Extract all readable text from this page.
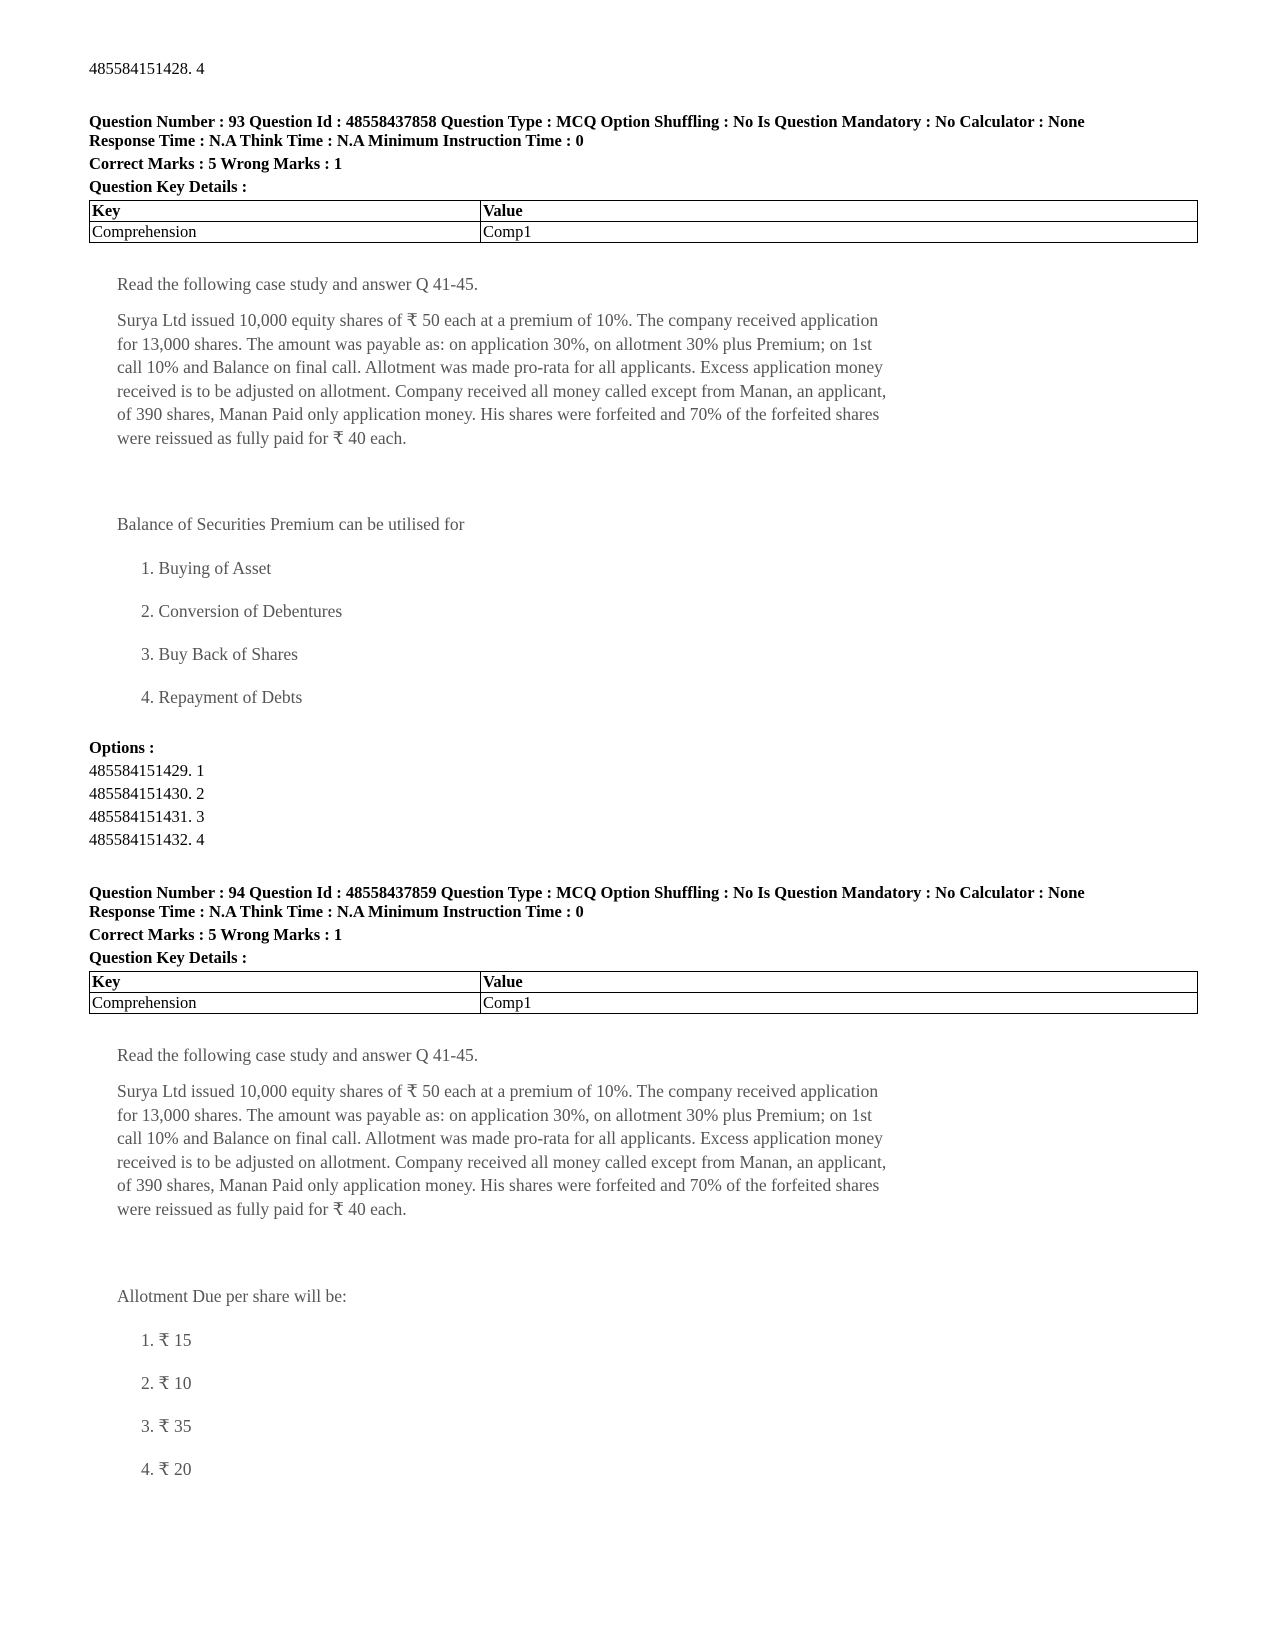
485584151428. 4
Question Number : 93 Question Id : 48558437858 Question Type : MCQ Option Shuffling : No Is Question Mandatory : No Calculator : None
Response Time : N.A Think Time : N.A Minimum Instruction Time : 0
Correct Marks : 5 Wrong Marks : 1
Question Key Details :
Key	Value
Comprehension	Comp1
Read the following case study and answer Q 41-45.
Surya Ltd issued 10,000 equity shares of ₹ 50 each at a premium of 10%. The company received application
for 13,000 shares. The amount was payable as: on application 30%, on allotment 30% plus Premium; on 1st
call 10% and Balance on final call. Allotment was made pro-rata for all applicants. Excess application money
received is to be adjusted on allotment. Company received all money called except from Manan, an applicant,
of 390 shares, Manan Paid only application money. His shares were forfeited and 70% of the forfeited shares
were reissued as fully paid for ₹ 40 each.
Balance of Securities Premium can be utilised for
1. Buying of Asset
2. Conversion of Debentures
3. Buy Back of Shares
4. Repayment of Debts
Options :
485584151429. 1
485584151430. 2
485584151431. 3
485584151432. 4
Question Number : 94 Question Id : 48558437859 Question Type : MCQ Option Shuffling : No Is Question Mandatory : No Calculator : None
Response Time : N.A Think Time : N.A Minimum Instruction Time : 0
Correct Marks : 5 Wrong Marks : 1
Question Key Details :
Key	Value
Comprehension	Comp1
Read the following case study and answer Q 41-45.
Surya Ltd issued 10,000 equity shares of ₹ 50 each at a premium of 10%. The company received application
for 13,000 shares. The amount was payable as: on application 30%, on allotment 30% plus Premium; on 1st
call 10% and Balance on final call. Allotment was made pro-rata for all applicants. Excess application money
received is to be adjusted on allotment. Company received all money called except from Manan, an applicant,
of 390 shares, Manan Paid only application money. His shares were forfeited and 70% of the forfeited shares
were reissued as fully paid for ₹ 40 each.
Allotment Due per share will be:
1. ₹ 15
2. ₹ 10
3. ₹ 35
4. ₹ 20
